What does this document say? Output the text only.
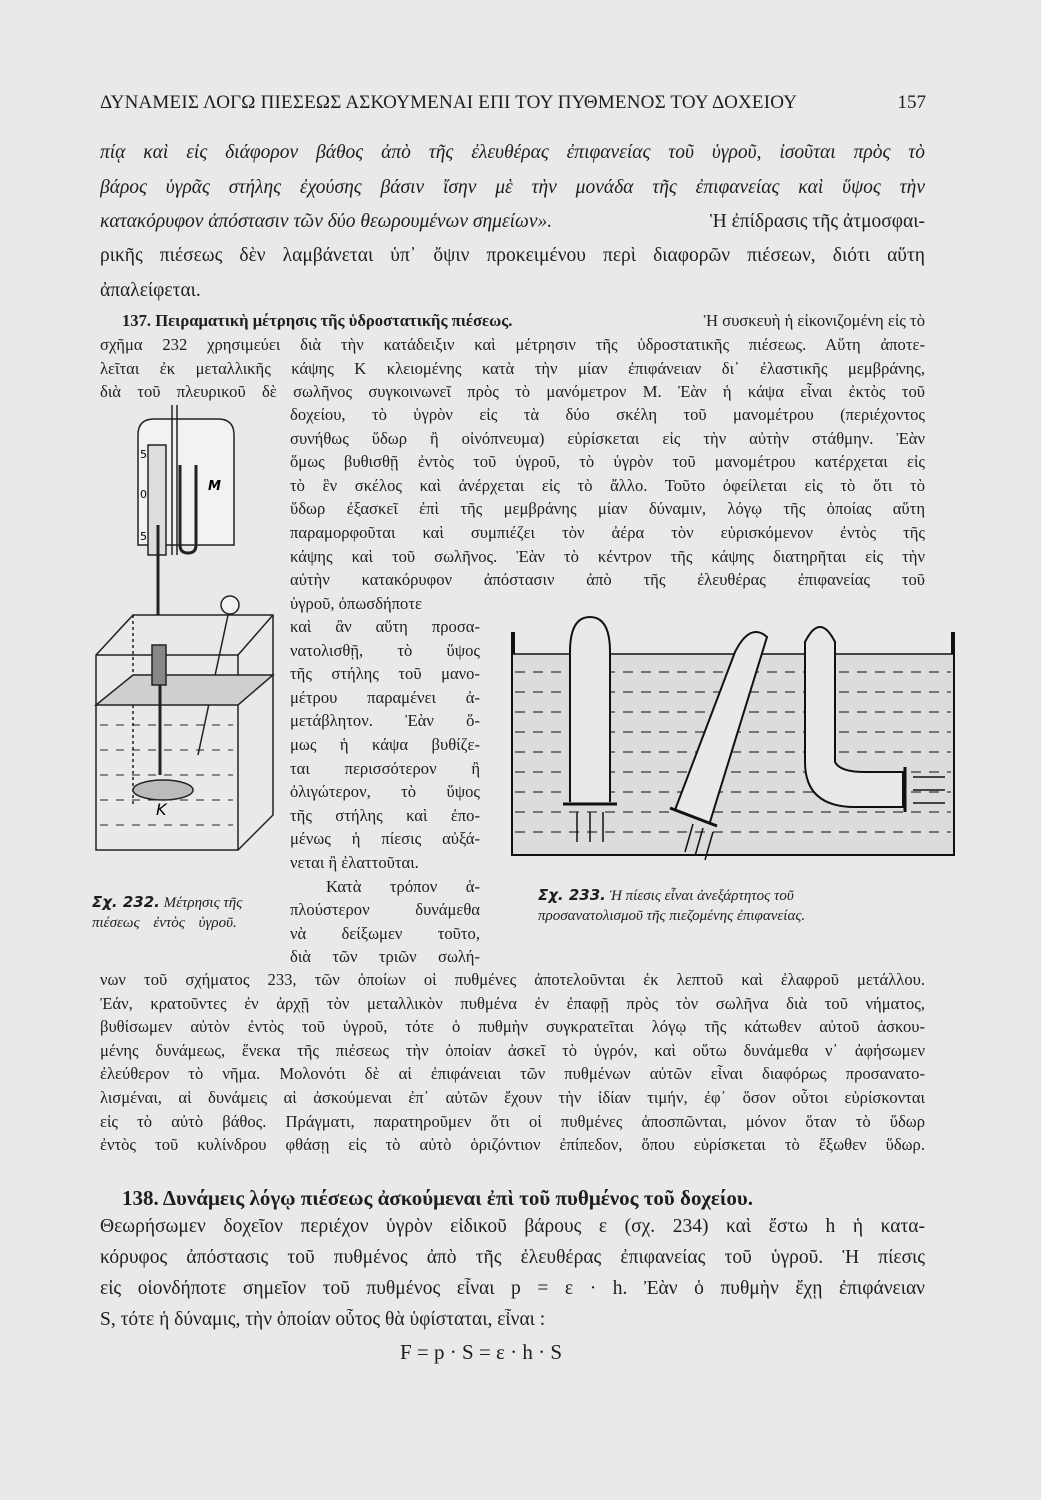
ΔΥΝΑΜΕΙΣ ΛΟΓΩ ΠΙΕΣΕΩΣ ΑΣΚΟΥΜΕΝΑΙ ΕΠΙ ΤΟΥ ΠΥΘΜΕΝΟΣ ΤΟΥ ΔΟΧΕΙΟΥ	157
πίᾳ καὶ εἰς διάφορον βάθος ἀπὸ τῆς ἐλευθέρας ἐπιφανείας τοῦ ὑγροῦ, ἰσοῦται πρὸς τὸ
βάρος ὑγρᾶς στήλης ἐχούσης βάσιν ἴσην μὲ τὴν μονάδα τῆς ἐπιφανείας καὶ ὕψος τὴν
κατακόρυφον ἀπόστασιν τῶν δύο θεωρουμένων σημείων».	Ἡ ἐπίδρασις τῆς ἀτμοσφαι-
ρικῆς πιέσεως δὲν λαμβάνεται ὑπ᾽ ὄψιν προκειμένου περὶ διαφορῶν πιέσεων, διότι αὕτη
ἀπαλείφεται.
137. Πειραματικὴ μέτρησις τῆς ὑδροστατικῆς πιέσεως.	Ἡ συσκευὴ ἡ εἰκονιζομένη εἰς τὸ
σχῆμα 232 χρησιμεύει διὰ τὴν κατάδειξιν καὶ μέτρησιν τῆς ὑδροστατικῆς πιέσεως. Αὕτη ἀποτε-
λεῖται ἐκ μεταλλικῆς κάψης Κ κλειομένης κατὰ τὴν μίαν ἐπιφάνειαν δι᾽ ἐλαστικῆς μεμβράνης,
διὰ τοῦ πλευρικοῦ δὲ σωλῆνος συγκοινωνεῖ πρὸς τὸ μανόμετρον Μ. Ἐὰν ἡ κάψα εἶναι ἐκτὸς τοῦ
δοχείου, τὸ ὑγρὸν εἰς τὰ δύο σκέλη τοῦ μανομέτρου (περιέχοντος
συνήθως ὕδωρ ἢ οἰνόπνευμα) εὑρίσκεται εἰς τὴν αὐτὴν στάθμην. Ἐὰν
ὅμως βυθισθῇ ἐντὸς τοῦ ὑγροῦ, τὸ ὑγρὸν τοῦ μανομέτρου κατέρχεται εἰς
τὸ ἓν σκέλος καὶ ἀνέρχεται εἰς τὸ ἄλλο. Τοῦτο ὀφείλεται εἰς τὸ ὅτι τὸ
ὕδωρ ἐξασκεῖ ἐπὶ τῆς μεμβράνης μίαν δύναμιν, λόγῳ τῆς ὁποίας αὕτη
παραμορφοῦται καὶ συμπιέζει τὸν ἀέρα τὸν εὑρισκόμενον ἐντὸς τῆς
κάψης καὶ τοῦ σωλῆνος. Ἐὰν τὸ κέντρον τῆς κάψης διατηρῆται εἰς τὴν
αὐτὴν κατακόρυφον ἀπόστασιν ἀπὸ τῆς ἐλευθέρας ἐπιφανείας τοῦ
ὑγροῦ, ὁπωσδήποτε
καὶ ἂν αὕτη προσα-
νατολισθῇ, τὸ ὕψος
τῆς στήλης τοῦ μανο-
μέτρου παραμένει ἀ-
μετάβλητον. Ἐὰν ὅ-
μως ἡ κάψα βυθίζε-
ται περισσότερον ἢ
ὀλιγώτερον, τὸ ὕψος
τῆς στήλης καὶ ἐπο-
μένως ἡ πίεσις αὐξά-
νεται ἢ ἐλαττοῦται.
Κατὰ τρόπον ἁ-
πλούστερον δυνάμεθα
νὰ δείξωμεν τοῦτο,
διὰ τῶν τριῶν σωλή-
νων τοῦ σχήματος 233, τῶν ὁποίων οἱ πυθμένες ἀποτελοῦνται ἐκ λεπτοῦ καὶ ἐλαφροῦ μετάλλου.
Ἐάν, κρατοῦντες ἐν ἀρχῇ τὸν μεταλλικὸν πυθμένα ἐν ἐπαφῇ πρὸς τὸν σωλῆνα διὰ τοῦ νήματος,
βυθίσωμεν αὐτὸν ἐντὸς τοῦ ὑγροῦ, τότε ὁ πυθμὴν συγκρατεῖται λόγῳ τῆς κάτωθεν αὐτοῦ ἀσκου-
μένης δυνάμεως, ἕνεκα τῆς πιέσεως τὴν ὁποίαν ἀσκεῖ τὸ ὑγρόν, καὶ οὕτω δυνάμεθα ν᾽ ἀφήσωμεν
ἐλεύθερον τὸ νῆμα. Μολονότι δὲ αἱ ἐπιφάνειαι τῶν πυθμένων αὐτῶν εἶναι διαφόρως προσανατο-
λισμέναι, αἱ δυνάμεις αἱ ἀσκούμεναι ἐπ᾽ αὐτῶν ἔχουν τὴν ἰδίαν τιμήν, ἐφ᾽ ὅσον οὗτοι εὑρίσκονται
εἰς τὸ αὐτὸ βάθος. Πράγματι, παρατηροῦμεν ὅτι οἱ πυθμένες ἀποσπῶνται, μόνον ὅταν τὸ ὕδωρ
ἐντὸς τοῦ κυλίνδρου φθάσῃ εἰς τὸ αὐτὸ ὁριζόντιον ἐπίπεδον, ὅπου εὑρίσκεται τὸ ἔξωθεν ὕδωρ.
5
0
5
M
K
Σχ. 232. Μέτρησις τῆς
πιέσεως ἐντὸς ὑγροῦ.
Σχ. 233. Ἡ πίεσις εἶναι ἀνεξάρτητος τοῦ
προσανατολισμοῦ τῆς πιεζομένης ἐπιφανείας.
138. Δυνάμεις λόγῳ πιέσεως ἀσκούμεναι ἐπὶ τοῦ πυθμένος τοῦ δοχείου.
Θεωρήσωμεν δοχεῖον περιέχον ὑγρὸν εἰδικοῦ βάρους ε (σχ. 234) καὶ ἔστω h ἡ κατα-
κόρυφος ἀπόστασις τοῦ πυθμένος ἀπὸ τῆς ἐλευθέρας ἐπιφανείας τοῦ ὑγροῦ. Ἡ πίεσις
εἰς οἱονδήποτε σημεῖον τοῦ πυθμένος εἶναι p = ε · h. Ἐὰν ὁ πυθμὴν ἔχῃ ἐπιφάνειαν
S, τότε ἡ δύναμις, τὴν ὁποίαν οὗτος θὰ ὑφίσταται, εἶναι :
F = p · S = ε · h · S
